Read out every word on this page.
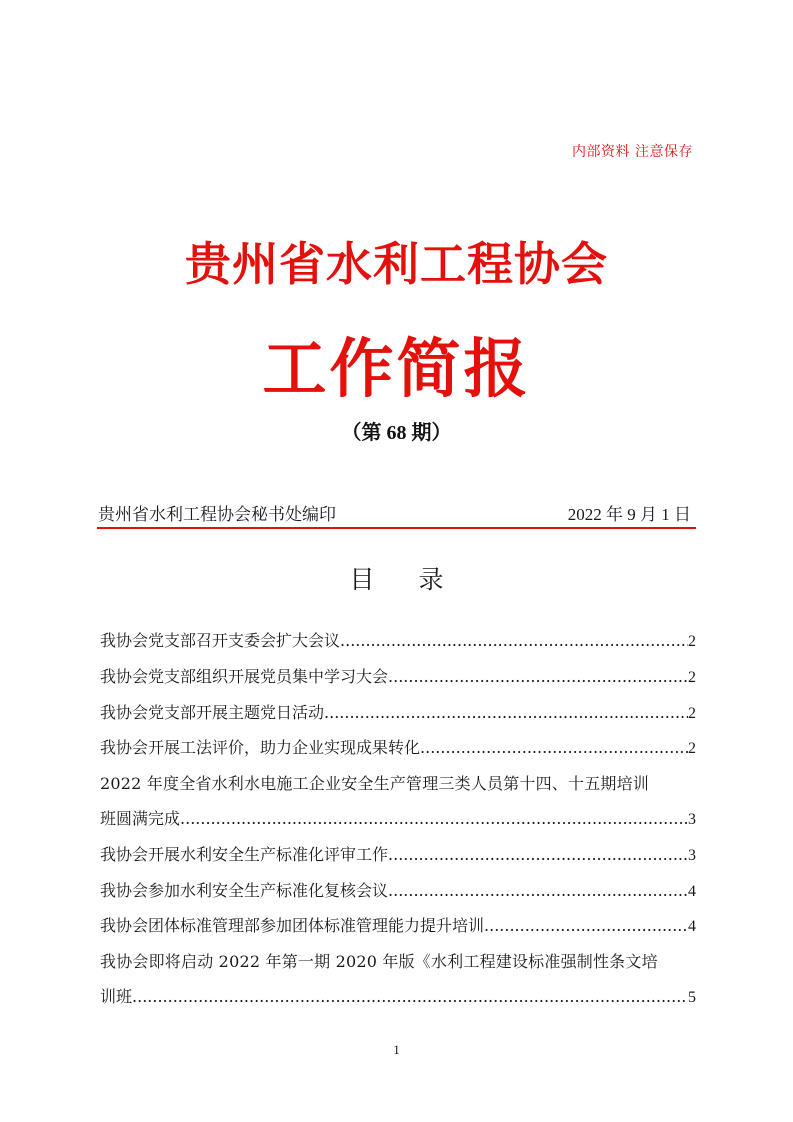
内部资料 注意保存
贵州省水利工程协会
工作简报
（第 68 期）
贵州省水利工程协会秘书处编印	2022 年 9 月 1 日
目录
我协会党支部召开支委会扩大会议 .....	2
我协会党支部组织开展党员集中学习大会 .....	2
我协会党支部开展主题党日活动 .....	2
我协会开展工法评价，助力企业实现成果转化 .....	2
2022 年度全省水利水电施工企业安全生产管理三类人员第十四、十五期培训
班圆满完成 .....	3
我协会开展水利安全生产标准化评审工作 .....	3
我协会参加水利安全生产标准化复核会议 .....	4
我协会团体标准管理部参加团体标准管理能力提升培训 .....	4
我协会即将启动 2022 年第一期 2020 年版《水利工程建设标准强制性条文培
训班 .....	5
1
